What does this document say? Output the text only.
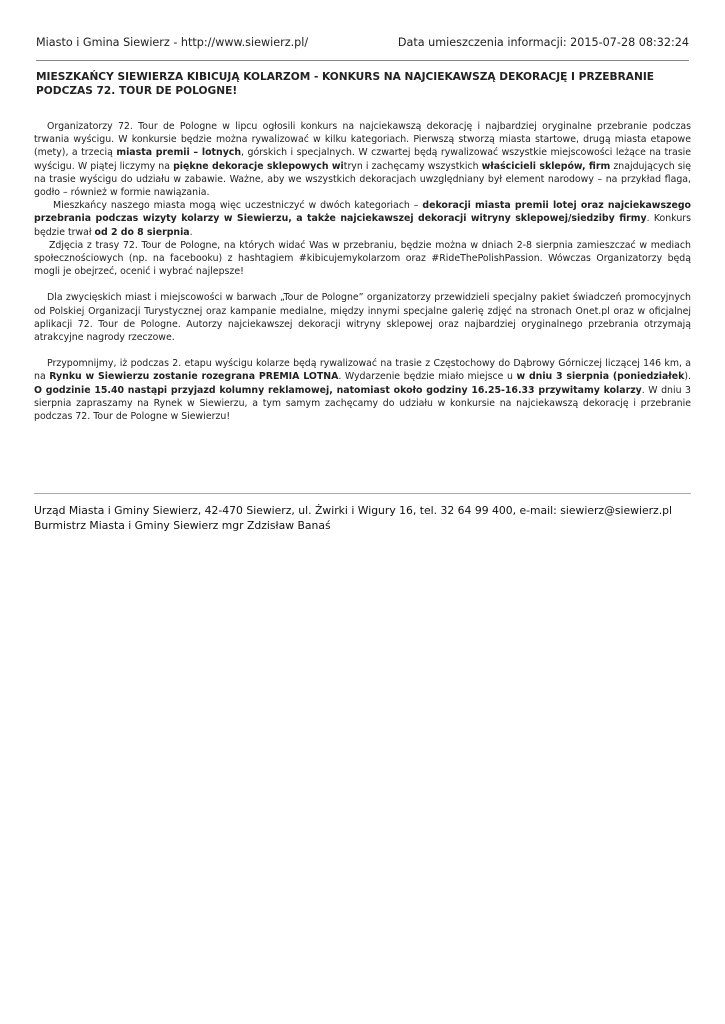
Miasto i Gmina Siewierz - http://www.siewierz.pl/	Data umieszczenia informacji: 2015-07-28 08:32:24
MIESZKAŃCY SIEWIERZA KIBICUJĄ KOLARZOM - KONKURS NA NAJCIEKAWSZĄ DEKORACJĘ I PRZEBRANIE PODCZAS 72. TOUR DE POLOGNE!

Organizatorzy 72. Tour de Pologne w lipcu ogłosili konkurs na najciekawszą dekorację i najbardziej oryginalne przebranie podczas trwania wyścigu. W konkursie będzie można rywalizować w kilku kategoriach. Pierwszą stworzą miasta startowe, drugą miasta etapowe (mety), a trzecią miasta premii – lotnych, górskich i specjalnych. W czwartej będą rywalizować wszystkie miejscowości leżące na trasie wyścigu. W piątej liczymy na piękne dekoracje sklepowych witryn i zachęcamy wszystkich właścicieli sklepów, firm znajdujących się na trasie wyścigu do udziału w zabawie. Ważne, aby we wszystkich dekoracjach uwzględniany był element narodowy – na przykład flaga, godło – również w formie nawiązania.

Mieszkańcy naszego miasta mogą więc uczestniczyć w dwóch kategoriach – dekoracji miasta premii lotej oraz najciekawszego przebrania podczas wizyty kolarzy w Siewierzu, a także najciekawszej dekoracji witryny sklepowej/siedziby firmy. Konkurs będzie trwał od 2 do 8 sierpnia.

Zdjęcia z trasy 72. Tour de Pologne, na których widać Was w przebraniu, będzie można w dniach 2-8 sierpnia zamieszczać w mediach społecznościowych (np. na facebooku) z hashtagiem #kibicujemykolarzom oraz #RideThePolishPassion. Wówczas Organizatorzy będą mogli je obejrzeć, ocenić i wybrać najlepsze!

Dla zwycięskich miast i miejscowości w barwach „Tour de Pologne” organizatorzy przewidzieli specjalny pakiet świadczeń promocyjnych od Polskiej Organizacji Turystycznej oraz kampanie medialne, między innymi specjalne galerię zdjęć na stronach Onet.pl oraz w oficjalnej aplikacji 72. Tour de Pologne. Autorzy najciekawszej dekoracji witryny sklepowej oraz najbardziej oryginalnego przebrania otrzymają atrakcyjne nagrody rzeczowe.

Przypomnijmy, iż podczas 2. etapu wyścigu kolarze będą rywalizować na trasie z Częstochowy do Dąbrowy Górniczej liczącej 146 km, a na Rynku w Siewierzu zostanie rozegrana PREMIA LOTNA. Wydarzenie będzie miało miejsce u w dniu 3 sierpnia (poniedziałek). O godzinie 15.40 nastąpi przyjazd kolumny reklamowej, natomiast około godziny 16.25-16.33 przywitamy kolarzy. W dniu 3 sierpnia zapraszamy na Rynek w Siewierzu, a tym samym zachęcamy do udziału w konkursie na najciekawszą dekorację i przebranie podczas 72. Tour de Pologne w Siewierzu!

Urząd Miasta i Gminy Siewierz, 42-470 Siewierz, ul. Żwirki i Wigury 16, tel. 32 64 99 400, e-mail: siewierz@siewierz.pl
Burmistrz Miasta i Gminy Siewierz mgr Zdzisław Banaś
